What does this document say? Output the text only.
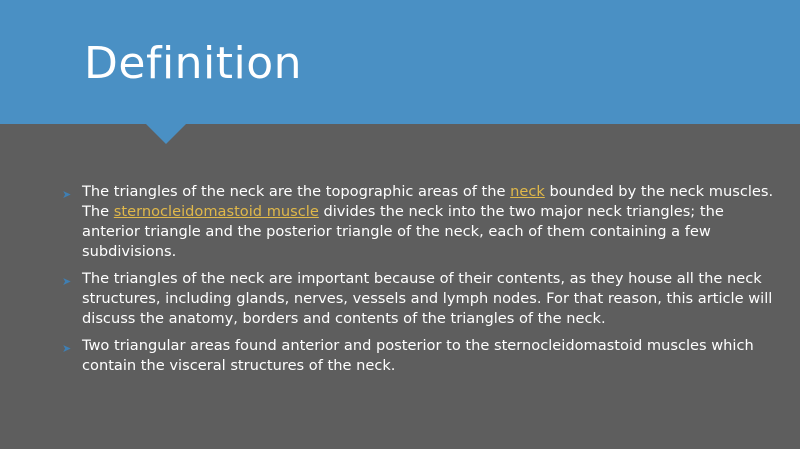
Definition
➤ The triangles of the neck are the topographic areas of the neck bounded by the neck muscles. The sternocleidomastoid muscle divides the neck into the two major neck triangles; the anterior triangle and the posterior triangle of the neck, each of them containing a few subdivisions.
➤ The triangles of the neck are important because of their contents, as they house all the neck structures, including glands, nerves, vessels and lymph nodes. For that reason, this article will discuss the anatomy, borders and contents of the triangles of the neck.
➤ Two triangular areas found anterior and posterior to the sternocleidomastoid muscles which contain the visceral structures of the neck.
